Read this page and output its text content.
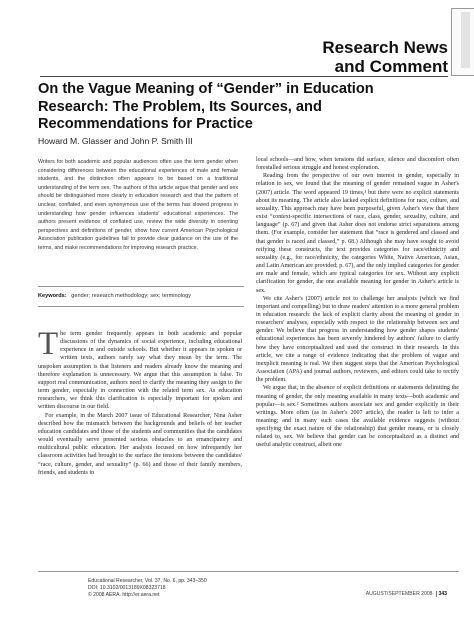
Research News
and Comment
On the Vague Meaning of “Gender” in Education Research: The Problem, Its Sources, and Recommendations for Practice
Howard M. Glasser and John P. Smith III
Writers for both academic and popular audiences often use the term gender when considering differences between the educational experiences of male and female students, and the distinction often appears to be based on a traditional understanding of the term sex. The authors of this article argue that gender and sex should be distinguished more clearly in education research and that the pattern of unclear, conflated, and even synonymous use of the terms has slowed progress in understanding how gender influences students' educational experiences. The authors present evidence of conflated use, review the wide diversity in orienting perspectives and definitions of gender, show how current American Psychological Association publication guidelines fail to provide clear guidance on the use of the terms, and make recommendations for improving research practice.
Keywords: gender; research methodology; sex; terminology

T he term gender frequently appears in both academic and popular discussions of the dynamics of social experience, including educational experience in and outside schools. But whether it appears in spoken or written texts, authors rarely say what they mean by the term. The unspoken assumption is that listeners and readers already know the meaning and therefore explanation is unnecessary. We argue that this assumption is false. To support real communication, authors need to clarify the meaning they assign to the term gender, especially in connection with the related term sex. As education researchers, we think this clarification is especially important for spoken and written discourse in our field.

For example, in the March 2007 issue of Educational Researcher, Nina Asher described how the mismatch between the backgrounds and beliefs of her teacher education candidates and those of the students and communities that the candidates would eventually serve presented serious obstacles to an emancipatory and multicultural public education. Her analysis focused on how infrequently her classroom activities had brought to the surface the tensions between the candidates' “race, culture, gender, and sexuality” (p. 66) and those of their family members, friends, and students in

local schools—and how, when tensions did surface, silence and discomfort often forestalled serious struggle and honest exploration.

Reading from the perspective of our own interest in gender, especially in relation to sex, we found that the meaning of gender remained vague in Asher's (2007) article. The word appeared 19 times,¹ but there were no explicit statements about its meaning. The article also lacked explicit definitions for race, culture, and sexuality. This approach may have been purposeful, given Asher's view that there exist “context-specific intersections of race, class, gender, sexuality, culture, and language” (p. 67) and given that Asher does not endorse strict separations among them. (For example, consider her statement that “race is gendered and classed and that gender is raced and classed,” p. 68.) Although she may have sought to avoid reifying these constructs, the text provides categories for race/ethnicity and sexuality (e.g., for race/ethnicity, the categories White, Native American, Asian, and Latin American are provided; p. 67), and the only implied categories for gender are male and female, which are typical categories for sex. Without any explicit clarification for gender, the one available meaning for gender in Asher's article is sex.

We cite Asher's (2007) article not to challenge her analysis (which we find important and compelling) but to draw readers' attention to a more general problem in education research: the lack of explicit clarity about the meaning of gender in researchers' analyses, especially with respect to the relationship between sex and gender. We believe that progress in understanding how gender shapes students' educational experiences has been severely hindered by authors' failure to clarify how they have conceptualized and used the construct in their research. In this article, we cite a range of evidence indicating that the problem of vague and inexplicit meaning is real. We then suggest steps that the American Psychological Association (APA) and journal authors, reviewers, and editors could take to rectify the problem.

We argue that, in the absence of explicit definitions or statements delimiting the meaning of gender, the only meaning available in many texts—both academic and popular—is sex.² Sometimes authors associate sex and gender explicitly in their writings. More often (as in Asher's 2007 article), the reader is left to infer a meaning; and in many such cases the available evidence suggests (without specifying the exact nature of the relationship) that gender means, or is closely related to, sex. We believe that gender can be conceptualized as a distinct and useful analytic construct, albeit one

Educational Researcher, Vol. 37, No. 6, pp. 343–350
DOI: 10.3102/0013189X08323718
© 2008 AERA. http://er.aera.net	AUGUST/SEPTEMBER 2008 343
